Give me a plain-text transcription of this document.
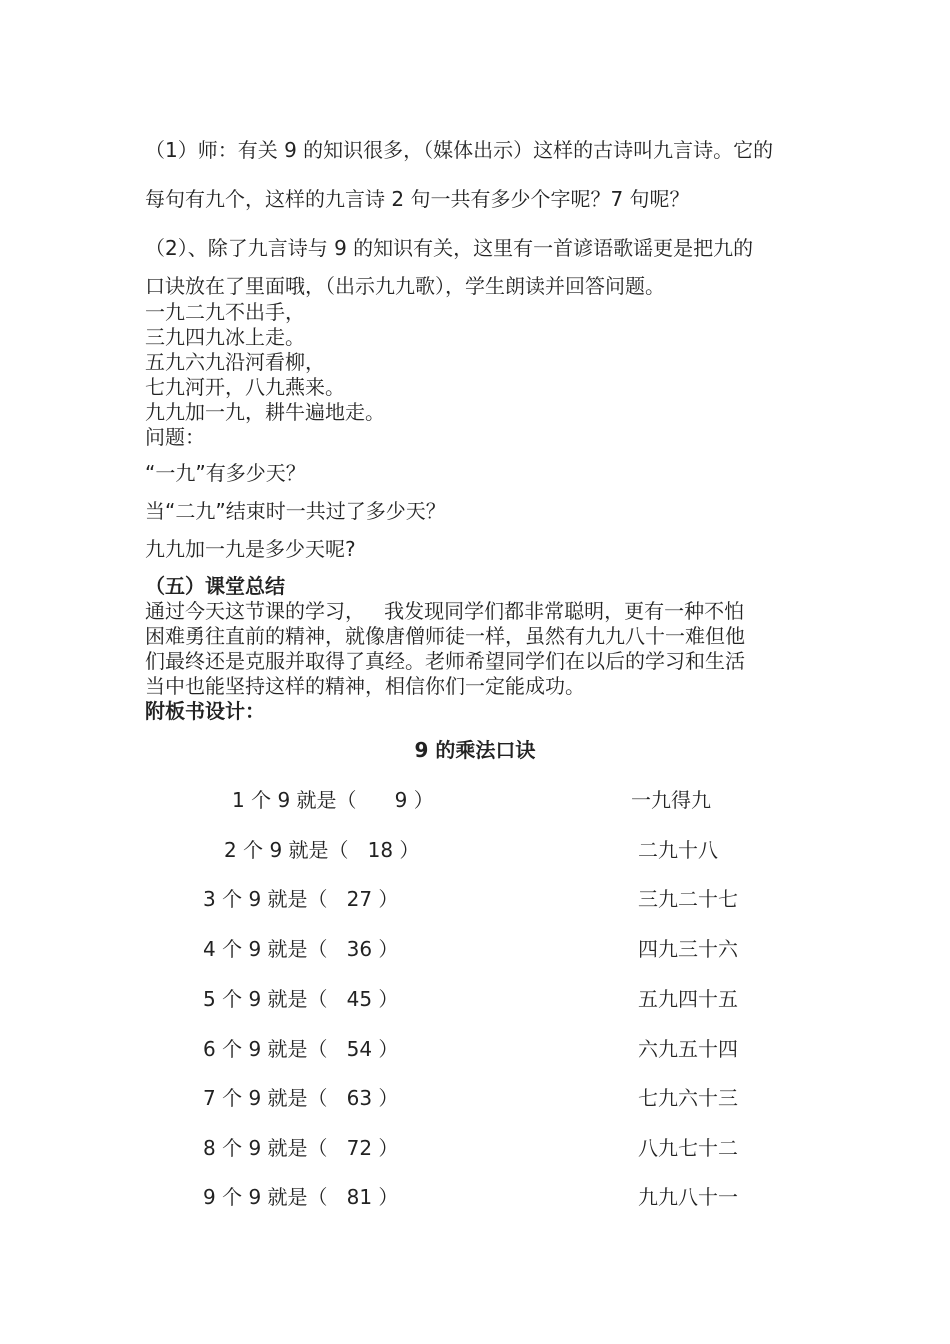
（1）师：有关 9 的知识很多，（媒体出示）这样的古诗叫九言诗。它的
每句有九个，这样的九言诗 2 句一共有多少个字呢？7 句呢？
（2）、除了九言诗与 9 的知识有关，这里有一首谚语歌谣更是把九的
口诀放在了里面哦，（出示九九歌），学生朗读并回答问题。
一九二九不出手，
三九四九冰上走。
五九六九沿河看柳，
七九河开，八九燕来。
九九加一九，耕牛遍地走。
问题：
“一九”有多少天？
当“二九”结束时一共过了多少天？
九九加一九是多少天呢?
（五）课堂总结
通过今天这节课的学习，   我发现同学们都非常聪明，更有一种不怕
困难勇往直前的精神，就像唐僧师徒一样，虽然有九九八十一难但他
们最终还是克服并取得了真经。老师希望同学们在以后的学习和生活
当中也能坚持这样的精神，相信你们一定能成功。
附板书设计：
9 的乘法口诀
1 个 9 就是（      9 ）	一九得九
2 个 9 就是（   18 ）	二九十八
3 个 9 就是（   27 ）	三九二十七
4 个 9 就是（   36 ）	四九三十六
5 个 9 就是（   45 ）	五九四十五
6 个 9 就是（   54 ）	六九五十四
7 个 9 就是（   63 ）	七九六十三
8 个 9 就是（   72 ）	八九七十二
9 个 9 就是（   81 ）	九九八十一
